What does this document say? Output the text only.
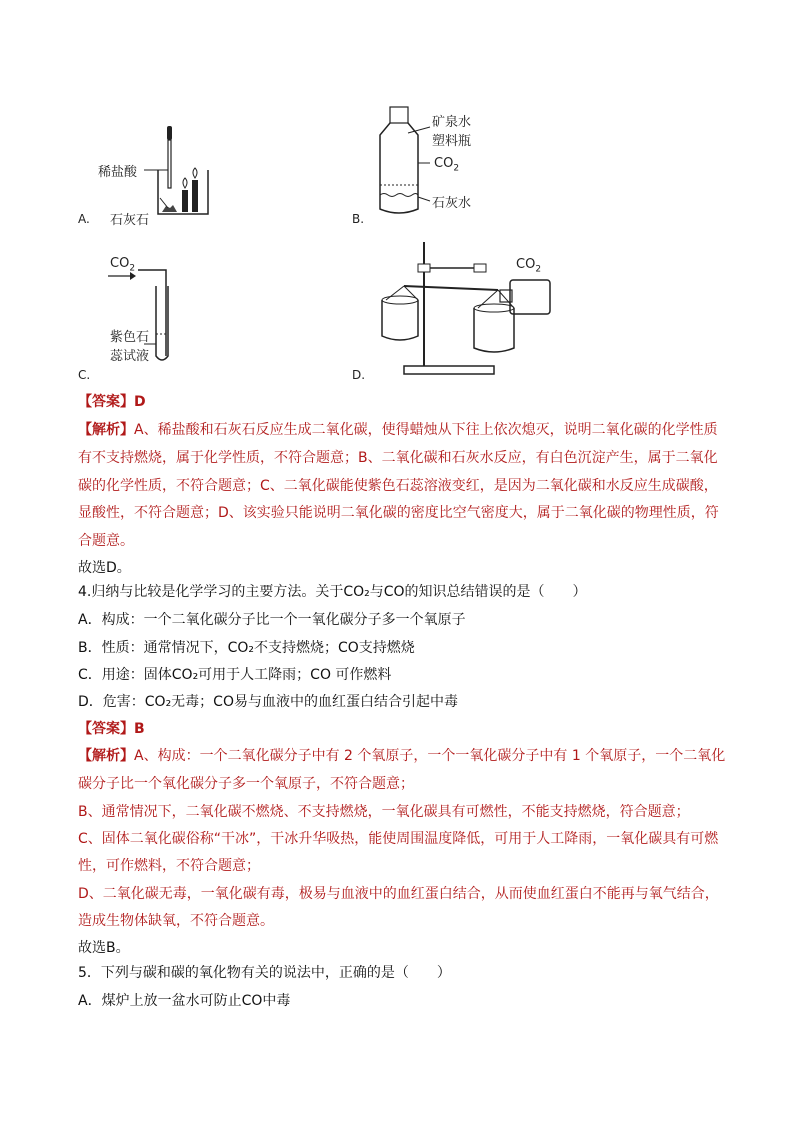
A.
稀盐酸
石灰石	B.
矿泉水
塑料瓶
$CO_2$
石灰水
C.
$CO_2$
紫色石
蕊试液
D.
$CO_2$
【答案】D
【解析】A、稀盐酸和石灰石反应生成二氧化碳，使得蜡烛从下往上依次熄灭，说明二氧化碳的化学性质
有不支持燃烧，属于化学性质，不符合题意；B、二氧化碳和石灰水反应，有白色沉淀产生，属于二氧化
碳的化学性质，不符合题意；C、二氧化碳能使紫色石蕊溶液变红，是因为二氧化碳和水反应生成碳酸，
显酸性，不符合题意；D、该实验只能说明二氧化碳的密度比空气密度大，属于二氧化碳的物理性质，符
合题意。
故选D。
4.归纳与比较是化学学习的主要方法。关于CO₂与CO的知识总结错误的是（　　）
A．构成：一个二氧化碳分子比一个一氧化碳分子多一个氧原子
B．性质：通常情况下，CO₂不支持燃烧；CO支持燃烧
C．用途：固体CO₂可用于人工降雨；CO 可作燃料
D．危害：CO₂无毒；CO易与血液中的血红蛋白结合引起中毒
【答案】B
【解析】A、构成：一个二氧化碳分子中有 2 个氧原子，一个一氧化碳分子中有 1 个氧原子，一个二氧化
碳分子比一个氧化碳分子多一个氧原子，不符合题意；
B、通常情况下，二氧化碳不燃烧、不支持燃烧，一氧化碳具有可燃性，不能支持燃烧，符合题意；
C、固体二氧化碳俗称“干冰”，干冰升华吸热，能使周围温度降低，可用于人工降雨，一氧化碳具有可燃
性，可作燃料，不符合题意；
D、二氧化碳无毒，一氧化碳有毒，极易与血液中的血红蛋白结合，从而使血红蛋白不能再与氧气结合，
造成生物体缺氧，不符合题意。
故选B。
5．下列与碳和碳的氧化物有关的说法中，正确的是（　　）
A．煤炉上放一盆水可防止CO中毒
